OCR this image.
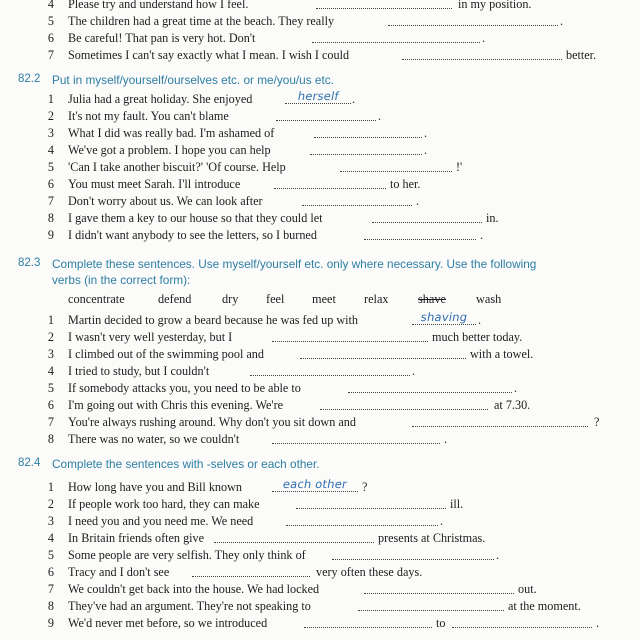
4 Please try and understand how I feel.	in my position.
5 The children had a great time at the beach. They really	.
6 Be careful! That pan is very hot. Don't	.
7 Sometimes I can't say exactly what I mean. I wish I could	better.
82.2 Put in myself/yourself/ourselves etc. or me/you/us etc.
1 Julia had a great holiday. She enjoyed	herself	.
2 It's not my fault. You can't blame	.
3 What I did was really bad. I'm ashamed of	.
4 We've got a problem. I hope you can help	.
5 'Can I take another biscuit?' 'Of course. Help	!'
6 You must meet Sarah. I'll introduce	to her.
7 Don't worry about us. We can look after	.
8 I gave them a key to our house so that they could let	in.
9 I didn't want anybody to see the letters, so I burned	.
82.3 Complete these sentences. Use myself/yourself etc. only where necessary. Use the following
verbs (in the correct form):
concentrate	defend dry feel meet relax shave wash
1 Martin decided to grow a beard because he was fed up with	shaving .
2 I wasn't very well yesterday, but I	much better today.
3 I climbed out of the swimming pool and	with a towel.
4 I tried to study, but I couldn't	.
5 If somebody attacks you, you need to be able to	.
6 I'm going out with Chris this evening. We're	at 7.30.
7 You're always rushing around. Why don't you sit down and	?
8 There was no water, so we couldn't	.
82.4 Complete the sentences with -selves or each other.
1 How long have you and Bill known	each other	?
2 If people work too hard, they can make	ill.
3 I need you and you need me. We need	.
4 In Britain friends often give	presents at Christmas.
5 Some people are very selfish. They only think of	.
6 Tracy and I don't see	very often these days.
7 We couldn't get back into the house. We had locked	out.
8 They've had an argument. They're not speaking to	at the moment.
9 We'd never met before, so we introduced	to	.
